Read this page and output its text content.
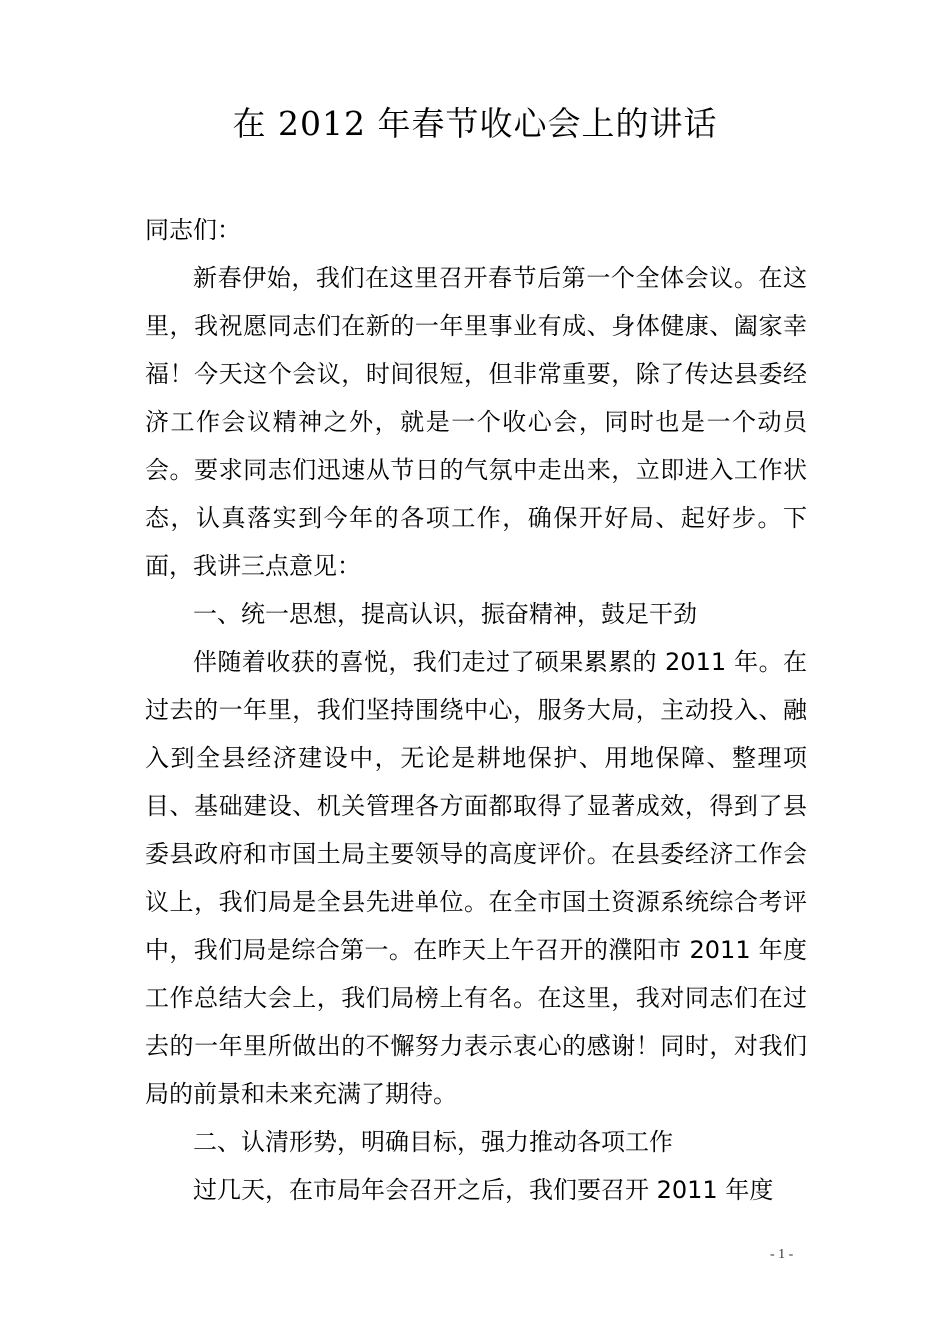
在 2012 年春节收心会上的讲话

同志们：

新春伊始，我们在这里召开春节后第一个全体会议。在这里，我祝愿同志们在新的一年里事业有成、身体健康、阖家幸福！今天这个会议，时间很短，但非常重要，除了传达县委经济工作会议精神之外，就是一个收心会，同时也是一个动员会。要求同志们迅速从节日的气氛中走出来，立即进入工作状态，认真落实到今年的各项工作，确保开好局、起好步。下面，我讲三点意见：

一、统一思想，提高认识，振奋精神，鼓足干劲

伴随着收获的喜悦，我们走过了硕果累累的 2011 年。在过去的一年里，我们坚持围绕中心，服务大局，主动投入、融入到全县经济建设中，无论是耕地保护、用地保障、整理项目、基础建设、机关管理各方面都取得了显著成效，得到了县委县政府和市国土局主要领导的高度评价。在县委经济工作会议上，我们局是全县先进单位。在全市国土资源系统综合考评中，我们局是综合第一。在昨天上午召开的濮阳市 2011 年度工作总结大会上，我们局榜上有名。在这里，我对同志们在过去的一年里所做出的不懈努力表示衷心的感谢！同时，对我们局的前景和未来充满了期待。

二、认清形势，明确目标，强力推动各项工作

过几天，在市局年会召开之后，我们要召开 2011 年度

- 1 -
